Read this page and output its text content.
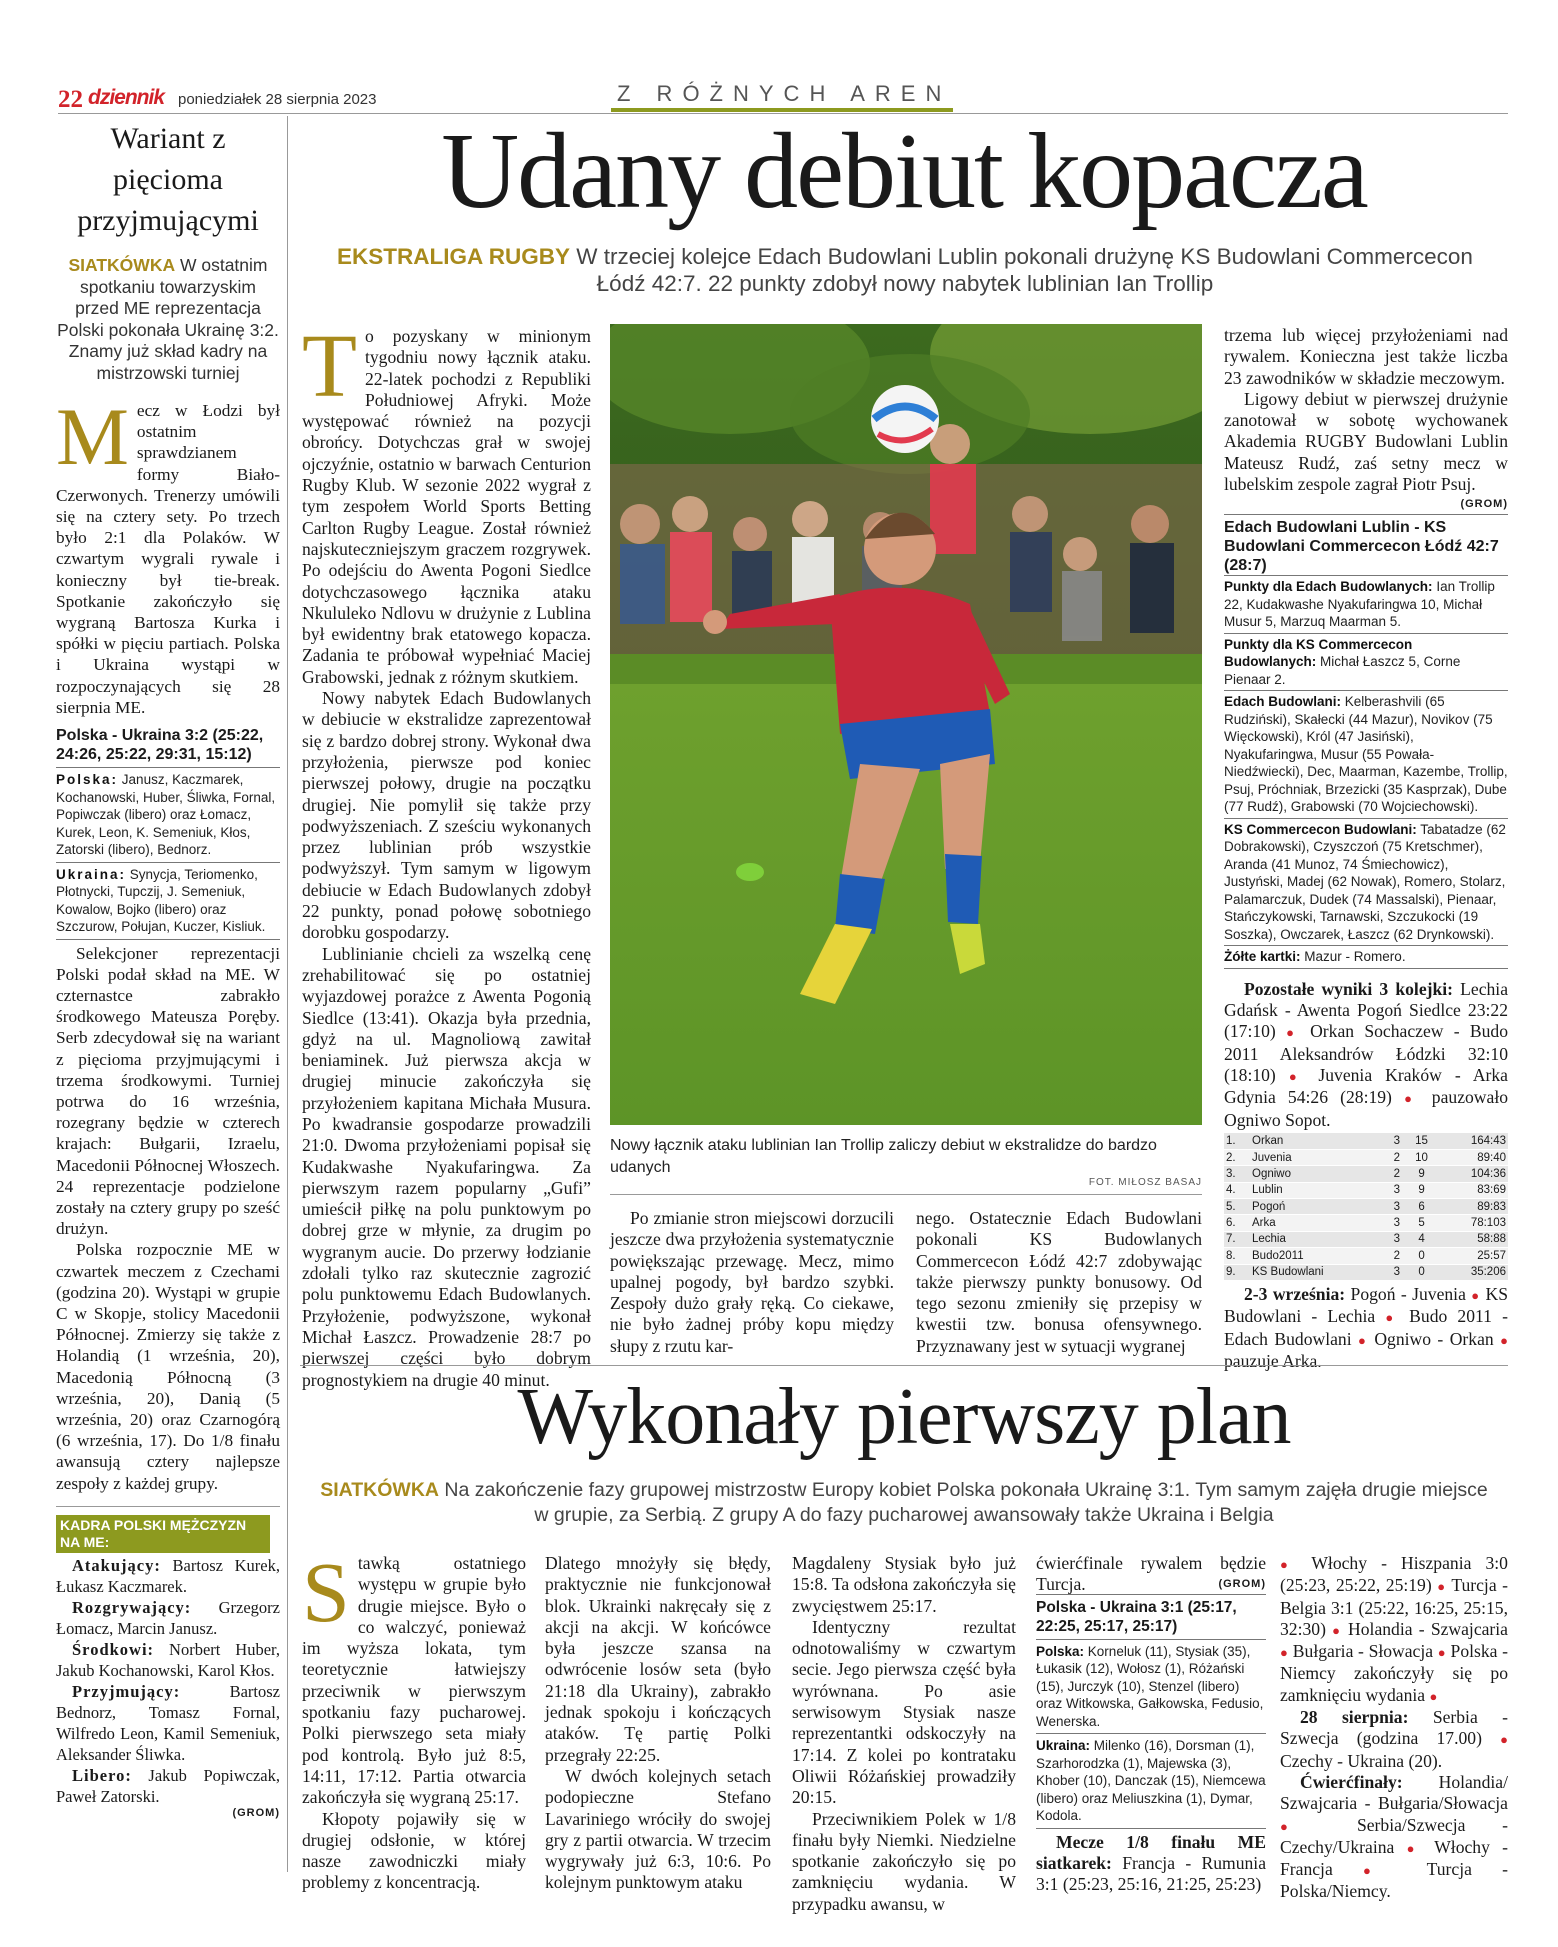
22 dziennik poniedziałek 28 sierpnia 2023	Z RÓŻNYCH AREN
Wariant z pięcioma przyjmującymi
SIATKÓWKA W ostatnim spotkaniu towarzyskim przed ME reprezentacja Polski pokonała Ukrainę 3:2. Znamy już skład kadry na mistrzowski turniej
M ecz w Łodzi był ostatnim sprawdzianem formy Biało-Czerwonych. Trenerzy umówili się na cztery sety. Po trzech było 2:1 dla Polaków. W czwartym wygrali rywale i konieczny był tie-break. Spotkanie zakończyło się wygraną Bartosza Kurka i spółki w pięciu partiach. Polska i Ukraina wystąpi w rozpoczynających się 28 sierpnia ME.
Polska - Ukraina 3:2 (25:22, 24:26, 25:22, 29:31, 15:12)
Polska: Janusz, Kaczmarek, Kochanowski, Huber, Śliwka, Fornal, Popiwczak (libero) oraz Łomacz, Kurek, Leon, K. Semeniuk, Kłos, Zatorski (libero), Bednorz.
Ukraina: Synycja, Teriomenko, Płotnycki, Tupczij, J. Semeniuk, Kowalow, Bojko (libero) oraz Szczurow, Połujan, Kuczer, Kisliuk.

Selekcjoner reprezentacji Polski podał skład na ME. W czternastce zabrakło środkowego Mateusza Poręby. Serb zdecydował się na wariant z pięcioma przyjmującymi i trzema środkowymi. Turniej potrwa do 16 września, rozegrany będzie w czterech krajach: Bułgarii, Izraelu, Macedonii Północnej Włoszech. 24 reprezentacje podzielone zostały na cztery grupy po sześć drużyn.

Polska rozpocznie ME w czwartek meczem z Czechami (godzina 20). Wystąpi w grupie C w Skopje, stolicy Macedonii Północnej. Zmierzy się także z Holandią (1 września, 20), Macedonią Północną (3 września, 20), Danią (5 września, 20) oraz Czarnogórą (6 września, 17). Do 1/8 finału awansują cztery najlepsze zespoły z każdej grupy.

KADRA POLSKI MĘŻCZYZN NA ME:
Atakujący: Bartosz Kurek, Łukasz Kaczmarek.
Rozgrywający: Grzegorz Łomacz, Marcin Janusz.
Środkowi: Norbert Huber, Jakub Kochanowski, Karol Kłos.
Przyjmujący:	Bartosz Bednorz, Tomasz Fornal, Wilfredo Leon, Kamil Semeniuk, Aleksander Śliwka.
Libero: Jakub Popiwczak, Paweł Zatorski.
(GROM)
Udany debiut kopacza
EKSTRALIGA RUGBY W trzeciej kolejce Edach Budowlani Lublin pokonali drużynę KS Budowlani Commercecon Łódź 42:7. 22 punkty zdobył nowy nabytek lublinian Ian Trollip
T o pozyskany w minionym tygodniu nowy łącznik ataku. 22-latek pochodzi z Republiki Południowej Afryki. Może występować również na pozycji obrońcy. Dotychczas grał w swojej ojczyźnie, ostatnio w barwach Centurion Rugby Klub. W sezonie 2022 wygrał z tym zespołem World Sports Betting Carlton Rugby League. Został również najskuteczniejszym graczem rozgrywek. Po odejściu do Awenta Pogoni Siedlce dotychczasowego łącznika ataku Nkululeko Ndlovu w drużynie z Lublina był ewidentny brak etatowego kopacza. Zadania te próbował wypełniać Maciej Grabowski, jednak z różnym skutkiem.

Nowy nabytek Edach Budowlanych w debiucie w ekstralidze zaprezentował się z bardzo dobrej strony. Wykonał dwa przyłożenia, pierwsze pod koniec pierwszej połowy, drugie na początku drugiej. Nie pomylił się także przy podwyższeniach. Z sześciu wykonanych przez lublinian prób wszystkie podwyższył. Tym samym w ligowym debiucie w Edach Budowlanych zdobył 22 punkty, ponad połowę sobotniego dorobku gospodarzy.

Lublinianie chcieli za wszelką cenę zrehabilitować się po ostatniej wyjazdowej porażce z Awenta Pogonią Siedlce (13:41). Okazja była przednia, gdyż na ul. Magnoliową zawitał beniaminek. Już pierwsza akcja w drugiej minucie zakończyła się przyłożeniem kapitana Michała Musura. Po kwadransie gospodarze prowadzili 21:0. Dwoma przyłożeniami popisał się Kudakwashe Nyakufaringwa. Za pierwszym razem popularny „Gufi” umieścił piłkę na polu punktowym po dobrej grze w młynie, za drugim po wygranym aucie. Do przerwy łodzianie zdołali tylko raz skutecznie zagrozić polu punktowemu Edach Budowlanych. Przyłożenie, podwyższone, wykonał Michał Łaszcz. Prowadzenie 28:7 po pierwszej części było dobrym prognostykiem na drugie 40 minut.

Nowy łącznik ataku lublinian Ian Trollip zaliczy debiut w ekstralidze do bardzo udanych
FOT. MIŁOSZ BASAJ

Po zmianie stron miejscowi dorzucili jeszcze dwa przyłożenia systematycznie powiększając przewagę. Mecz, mimo upalnej pogody, był bardzo szybki. Zespoły dużo grały ręką. Co ciekawe, nie było żadnej próby kopu między słupy z rzutu kar-

nego. Ostatecznie Edach Budowlani pokonali KS Budowlanych Commercecon Łódź 42:7 zdobywając także pierwszy punkty bonusowy. Od tego sezonu zmieniły się przepisy w kwestii tzw. bonusa ofensywnego. Przyznawany jest w sytuacji wygranej

trzema lub więcej przyłożeniami nad rywalem. Konieczna jest także liczba 23 zawodników w składzie meczowym.

Ligowy debiut w pierwszej drużynie zanotował w sobotę wychowanek Akademia RUGBY Budowlani Lublin Mateusz Rudź, zaś setny mecz w lubelskim zespole zagrał Piotr Psuj.

(GROM)
Edach Budowlani Lublin - KS Budowlani Commercecon Łódź 42:7 (28:7)
Punkty dla Edach Budowlanych: Ian Trollip 22, Kudakwashe Nyakufaringwa 10, Michał Musur 5, Marzuq Maarman 5.
Punkty dla KS Commercecon Budowlanych: Michał Łaszcz 5, Corne Pienaar 2.
Edach Budowlani: Kelberashvili (65 Rudziński), Skałecki (44 Mazur), Novikov (75 Więckowski), Król (47 Jasiński), Nyakufaringwa, Musur (55 Powała-Niedźwiecki), Dec, Maarman, Kazembe, Trollip, Psuj, Próchniak, Brzezicki (35 Kasprzak), Dube (77 Rudź), Grabowski (70 Wojciechowski).
KS Commercecon Budowlani: Tabatadze (62 Dobrakowski), Czyszczoń (75 Kretschmer), Aranda (41 Munoz, 74 Śmiechowicz), Justyński, Madej (62 Nowak), Romero, Stolarz, Palamarczuk, Dudek (74 Massalski), Pienaar, Stańczykowski, Tarnawski, Szczukocki (19 Soszka), Owczarek, Łaszcz (62 Drynkowski).
Żółte kartki: Mazur - Romero.

Pozostałe wyniki 3 kolejki: Lechia Gdańsk - Awenta Pogoń Siedlce 23:22 (17:10) ● Orkan Sochaczew - Budo 2011 Aleksandrów Łódzki 32:10 (18:10) ● Juvenia Kraków - Arka Gdynia 54:26 (28:19) ● pauzowało Ogniwo Sopot.

1.	Orkan	3	15	164:43
2.	Juvenia	2	10	89:40
3.	Ogniwo	2	9	104:36
4.	Lublin	3	9	83:69
5.	Pogoń	3	6	89:83
6.	Arka	3	5	78:103
7.	Lechia	3	4	58:88
8.	Budo2011	2	0	25:57
9.	KS Budowlani	3	0	35:206

2-3 września: Pogoń - Juvenia ● KS Budowlani - Lechia ● Budo 2011 - Edach Budowlani ● Ogniwo - Orkan ● pauzuje Arka.

Wykonały pierwszy plan
SIATKÓWKA Na zakończenie fazy grupowej mistrzostw Europy kobiet Polska pokonała Ukrainę 3:1. Tym samym zajęła drugie miejsce w grupie, za Serbią. Z grupy A do fazy pucharowej awansowały także Ukraina i Belgia
S tawką ostatniego występu w grupie było drugie miejsce. Było o co walczyć, ponieważ im wyższa lokata, tym teoretycznie łatwiejszy przeciwnik w pierwszym spotkaniu fazy pucharowej. Polki pierwszego seta miały pod kontrolą. Było już 8:5, 14:11, 17:12. Partia otwarcia zakończyła się wygraną 25:17.

Kłopoty pojawiły się w drugiej odsłonie, w której nasze zawodniczki miały problemy z koncentracją.

Dlatego mnożyły się błędy, praktycznie nie funkcjonował blok. Ukrainki nakręcały się z akcji na akcji. W końcówce była jeszcze szansa na odwrócenie losów seta (było 21:18 dla Ukrainy), zabrakło jednak spokoju i kończących ataków. Tę partię Polki przegrały 22:25.

W dwóch kolejnych setach podopieczne Stefano Lavariniego wróciły do swojej gry z partii otwarcia. W trzecim wygrywały już 6:3, 10:6. Po kolejnym punktowym ataku

Magdaleny Stysiak było już 15:8. Ta odsłona zakończyła się zwycięstwem 25:17.

Identyczny rezultat odnotowaliśmy w czwartym secie. Jego pierwsza część była wyrównana. Po asie serwisowym Stysiak nasze reprezentantki odskoczyły na 17:14. Z kolei po kontrataku Oliwii Różańskiej prowadziły 20:15.

Przeciwnikiem Polek w 1/8 finału były Niemki. Niedzielne spotkanie zakończyło się po zamknięciu wydania. W przypadku awansu, w

ćwierćfinale rywalem będzie Turcja.	(GROM)
Polska - Ukraina 3:1 (25:17, 22:25, 25:17, 25:17)
Polska: Korneluk (11), Stysiak (35), Łukasik (12), Wołosz (1), Różański (15), Jurczyk (10), Stenzel (libero) oraz Witkowska, Gałkowska, Fedusio, Wenerska.
Ukraina: Milenko (16), Dorsman (1), Szarhorodzka (1), Majewska (3), Khober (10), Danczak (15), Niemcewa (libero) oraz Meliuszkina (1), Dymar, Kodola.

Mecze 1/8 finału ME siatkarek: Francja - Rumunia 3:1 (25:23, 25:16, 21:25, 25:23)

● Włochy - Hiszpania 3:0 (25:23, 25:22, 25:19) ● Turcja -Belgia 3:1 (25:22, 16:25, 25:15, 32:30) ● Holandia - Szwajcaria ● Bułgaria - Słowacja ● Polska - Niemcy zakończyły się po zamknięciu wydania ●

28 sierpnia: Serbia - Szwecja (godzina 17.00) ● Czechy - Ukraina (20).

Ćwierćfinały: Holandia/ Szwajcaria - Bułgaria/Słowacja ● Serbia/Szwecja - Czechy/Ukraina ● Włochy - Francja ● Turcja - Polska/Niemcy.
